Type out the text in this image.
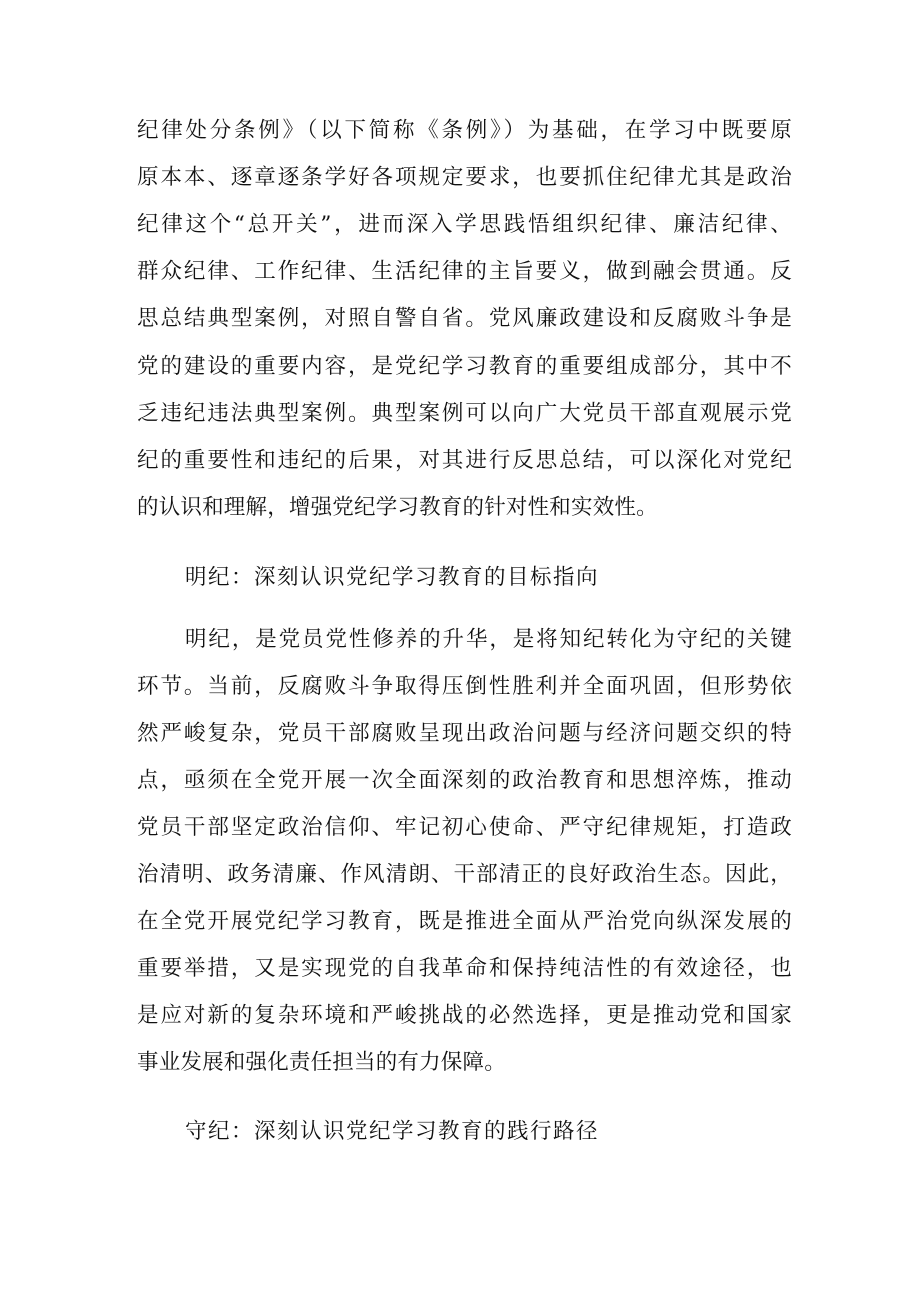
纪律处分条例》（以下简称《条例》）为基础，在学习中既要原
原本本、逐章逐条学好各项规定要求，也要抓住纪律尤其是政治
纪律这个“总开关”，进而深入学思践悟组织纪律、廉洁纪律、
群众纪律、工作纪律、生活纪律的主旨要义，做到融会贯通。反
思总结典型案例，对照自警自省。党风廉政建设和反腐败斗争是
党的建设的重要内容，是党纪学习教育的重要组成部分，其中不
乏违纪违法典型案例。典型案例可以向广大党员干部直观展示党
纪的重要性和违纪的后果，对其进行反思总结，可以深化对党纪
的认识和理解，增强党纪学习教育的针对性和实效性。
明纪：深刻认识党纪学习教育的目标指向
明纪，是党员党性修养的升华，是将知纪转化为守纪的关键
环节。当前，反腐败斗争取得压倒性胜利并全面巩固，但形势依
然严峻复杂，党员干部腐败呈现出政治问题与经济问题交织的特
点，亟须在全党开展一次全面深刻的政治教育和思想淬炼，推动
党员干部坚定政治信仰、牢记初心使命、严守纪律规矩，打造政
治清明、政务清廉、作风清朗、干部清正的良好政治生态。因此，
在全党开展党纪学习教育，既是推进全面从严治党向纵深发展的
重要举措，又是实现党的自我革命和保持纯洁性的有效途径，也
是应对新的复杂环境和严峻挑战的必然选择，更是推动党和国家
事业发展和强化责任担当的有力保障。
守纪：深刻认识党纪学习教育的践行路径
